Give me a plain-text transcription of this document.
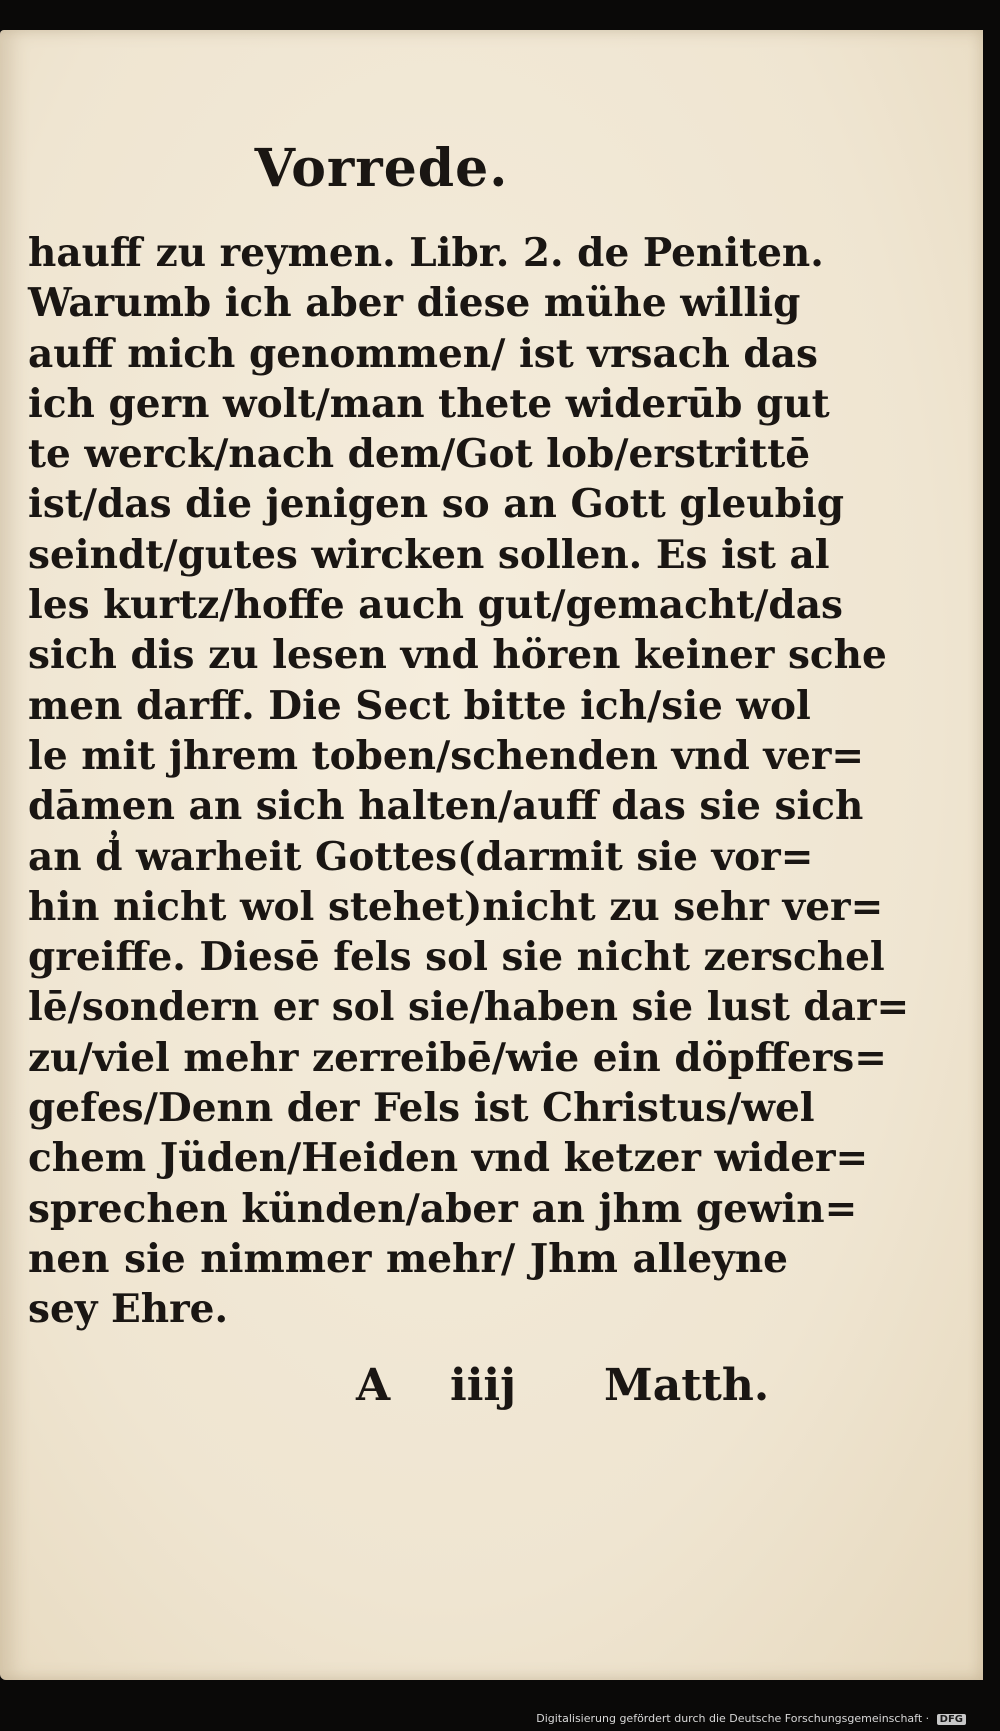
Vorrede.
hauff zu reymen. Libr. 2. de Peniten.
Warumb ich aber diese mühe willig
auff mich genommen/ ist vrsach das
ich gern wolt/man thete widerūb gut
te werck/nach dem/Got lob/erstrittē
ist/das die jenigen so an Gott gleubig
seindt/gutes wircken sollen. Es ist al
les kurtz/hoffe auch gut/gemacht/das
sich dis zu lesen vnd hören keiner sche
men darff. Die Sect bitte ich/sie wol
le mit jhrem toben/schenden vnd ver=
dāmen an sich halten/auff das sie sich
an d̓ warheit Gottes(darmit sie vor=
hin nicht wol stehet)nicht zu sehr ver=
greiffe. Diesē fels sol sie nicht zerschel
lē/sondern er sol sie/haben sie lust dar=
zu/viel mehr zerreibē/wie ein döpffers=
gefes/Denn der Fels ist Christus/wel
chem Jüden/Heiden vnd ketzer wider=
sprechen künden/aber an jhm gewin=
nen sie nimmer mehr/ Jhm alleyne
sey Ehre.
A iiij Matth.
Digitalisierung gefördert durch die Deutsche Forschungsgemeinschaft · DFG
